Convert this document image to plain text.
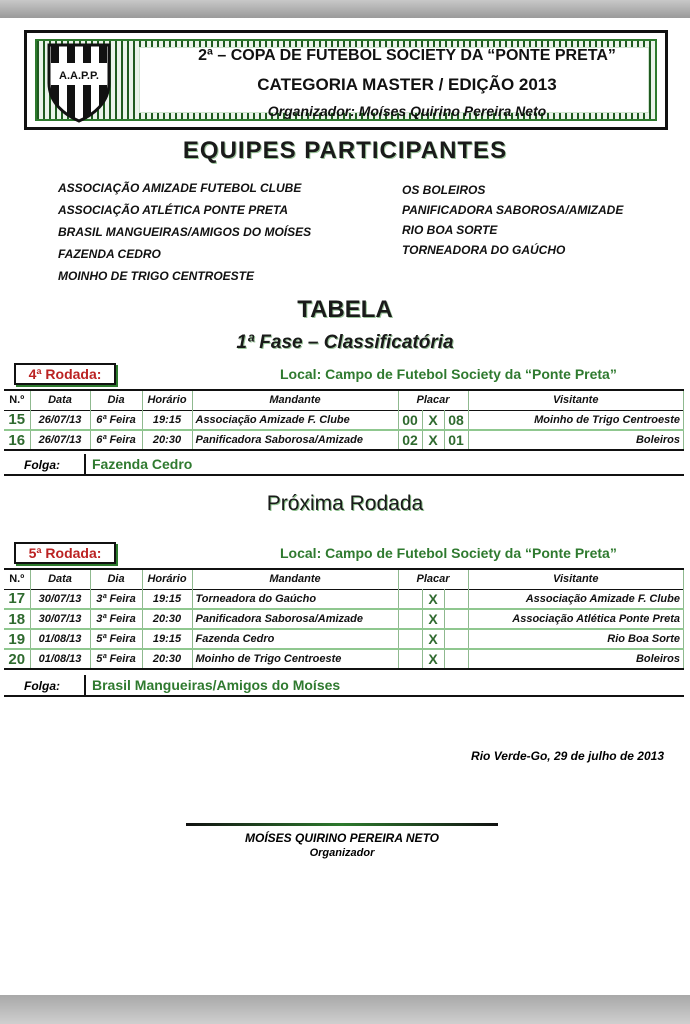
A.A.P.P.
2ª – COPA DE FUTEBOL SOCIETY DA “PONTE PRETA”
CATEGORIA MASTER / EDIÇÃO 2013
Organizador: Moíses Quirino Pereira Neto
EQUIPES PARTICIPANTES
ASSOCIAÇÃO AMIZADE FUTEBOL CLUBE
ASSOCIAÇÃO ATLÉTICA PONTE PRETA
BRASIL MANGUEIRAS/AMIGOS DO MOÍSES
FAZENDA CEDRO
MOINHO DE TRIGO CENTROESTE
OS BOLEIROS
PANIFICADORA SABOROSA/AMIZADE
RIO BOA SORTE
TORNEADORA DO GAÚCHO
TABELA
1ª Fase – Classificatória
4ª Rodada:	Local: Campo de Futebol Society da “Ponte Preta”
N.º	Data	Dia	Horário	Mandante	Placar			Visitante
15	26/07/13	6ª Feira	19:15	Associação Amizade F. Clube	00	X	08	Moinho de Trigo Centroeste
16	26/07/13	6ª Feira	20:30	Panificadora Saborosa/Amizade	02	X	01	Boleiros
Folga: Fazenda Cedro
Próxima Rodada
5ª Rodada:	Local: Campo de Futebol Society da “Ponte Preta”
N.º	Data	Dia	Horário	Mandante	Placar			Visitante
17	30/07/13	3ª Feira	19:15	Torneadora do Gaúcho		X		Associação Amizade F. Clube
18	30/07/13	3ª Feira	20:30	Panificadora Saborosa/Amizade		X		Associação Atlética Ponte Preta
19	01/08/13	5ª Feira	19:15	Fazenda Cedro		X		Rio Boa Sorte
20	01/08/13	5ª Feira	20:30	Moinho de Trigo Centroeste		X		Boleiros
Folga: Brasil Mangueiras/Amigos do Moíses
Rio Verde-Go, 29 de julho de 2013
MOÍSES QUIRINO PEREIRA NETO
Organizador
